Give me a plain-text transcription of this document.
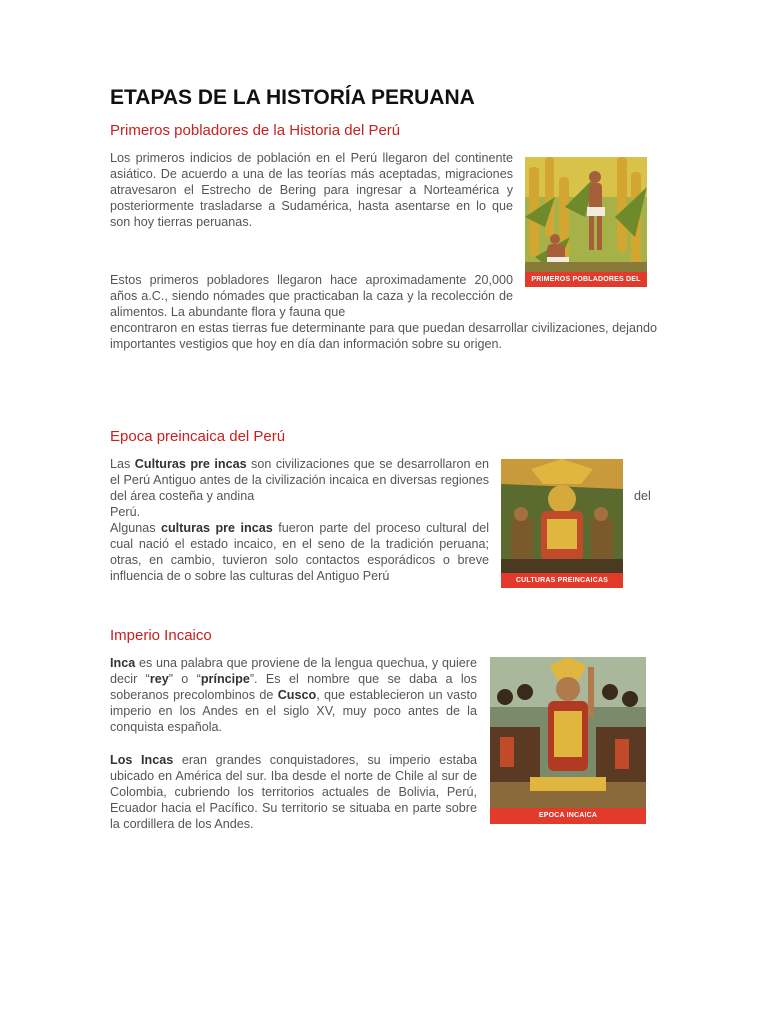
ETAPAS DE LA HISTORÍA PERUANA
Primeros pobladores de la Historia del Perú

Los primeros indicios de población en el Perú llegaron del continente asiático. De acuerdo a una de las teorías más aceptadas, migraciones atravesaron el Estrecho de Bering para ingresar a Norteamérica y posteriormente trasladarse a Sudamérica, hasta asentarse en lo que son hoy tierras peruanas.

Estos primeros pobladores llegaron hace aproximadamente 20,000 años a.C., siendo nómades que practicaban la caza y la recolección de alimentos. La abundante flora y fauna que

encontraron en estas tierras fue determinante para que puedan desarrollar civilizaciones, dejando importantes vestigios que hoy en día dan información sobre su origen.

PRIMEROS POBLADORES DEL PERU
Epoca preincaica del Perú

Las Culturas pre incas son civilizaciones que se desarrollaron en el Perú Antiguo antes de la civilización incaica en diversas regiones del área costeña y andina	del

Perú.

Algunas culturas pre incas fueron parte del proceso cultural del cual nació el estado incaico, en el seno de la tradición peruana; otras, en cambio, tuvieron solo contactos esporádicos o breve influencia de o sobre las culturas del Antiguo Perú	CULTURAS PREINCAICAS
Imperio Incaico

Inca es una palabra que proviene de la lengua quechua, y quiere decir “rey” o “príncipe”. Es el nombre que se daba a los soberanos precolombinos de Cusco, que establecieron un vasto imperio en los Andes en el siglo XV, muy poco antes de la conquista española.

Los Incas eran grandes conquistadores, su imperio estaba ubicado en América del sur. Iba desde el norte de Chile al sur de Colombia, cubriendo los territorios actuales de Bolivia, Perú, Ecuador hacia el Pacífico. Su territorio se situaba en parte sobre la cordillera de los Andes.

EPOCA INCAICA
